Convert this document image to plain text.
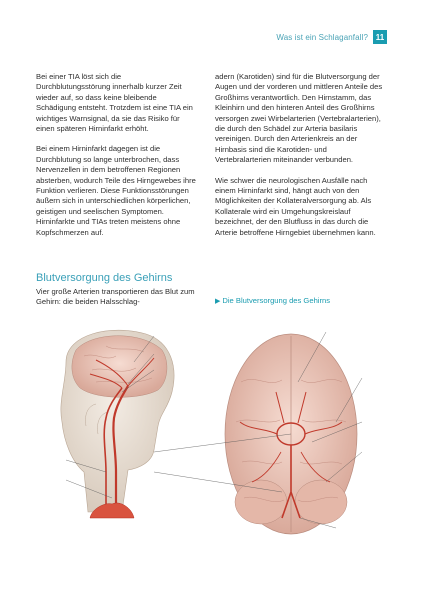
Was ist ein Schlaganfall? 11

Bei einer TIA löst sich die Durchblutungsstörung innerhalb kurzer Zeit wieder auf, so dass keine bleibende Schädigung entsteht. Trotzdem ist eine TIA ein wichtiges Warnsignal, da sie das Risiko für einen späteren Hirninfarkt erhöht.

Bei einem Hirninfarkt dagegen ist die Durchblutung so lange unterbrochen, dass Nervenzellen in dem betroffenen Regionen absterben, wodurch Teile des Hirngewebes ihre Funktion verlieren. Diese Funktionsstörungen äußern sich in unterschiedlichen körperlichen, geistigen und seelischen Symptomen. Hirninfarkte und TIAs treten meistens ohne Kopfschmerzen auf.

adern (Karotiden) sind für die Blutversorgung der Augen und der vorderen und mittleren Anteile des Großhirns verantwortlich. Den Hirnstamm, das Kleinhirn und den hinteren Anteil des Großhirns versorgen zwei Wirbelarterien (Vertebralarterien), die durch den Schädel zur Arteria basilaris vereinigen. Durch den Arterienkreis an der Hirnbasis sind die Karotiden- und Vertebralarterien miteinander verbunden.

Wie schwer die neurologischen Ausfälle nach einem Hirninfarkt sind, hängt auch von den Möglichkeiten der Kollateralversorgung ab. Als Kollaterale wird ein Umgehungskreislauf bezeichnet, der den Blutfluss in das durch die Arterie betroffene Hirngebiet übernehmen kann.

Blutversorgung des Gehirns
Vier große Arterien transportieren das Blut zum Gehirn: die beiden Halsschlag-	▶ Die Blutversorgung des Gehirns
